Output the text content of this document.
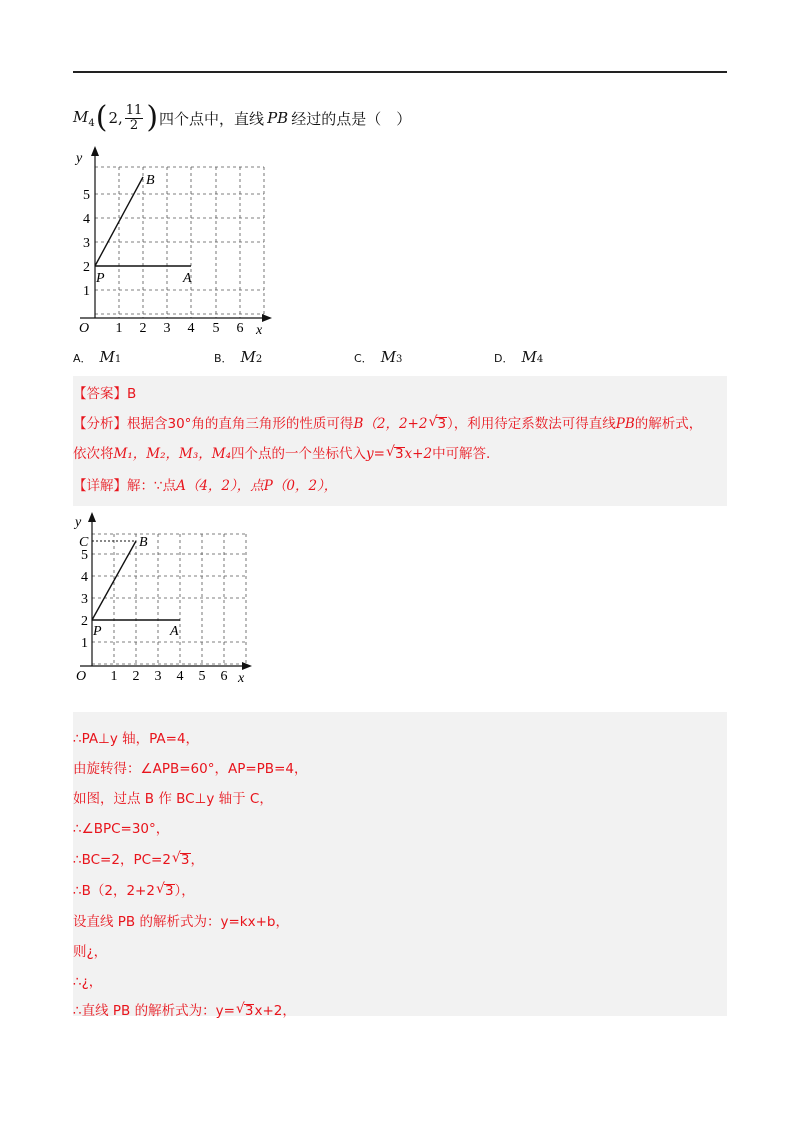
$M_4$ ( 2 , $\frac{11}{2}$ ) 四个点中，直线 PB 经过的点是（　）
y
x
O
P	A
B
1 2 3 4 5 6
1
2
3
4
5
A． M 1	B． M 2	C． M 3	D． M 4
【答案】B
【分析】根据含30°角的直角三角形的性质可得B（2，2+2 √ 3），利用待定系数法可得直线PB的解析式，
依次将M₁，M₂，M₃，M₄四个点的一个坐标代入y= √ 3x+2中可解答.
【详解】解：∵点A（4，2），点P（0，2），
y
x
O
P	A
B
C
1 2 3 4 5 6
1
2
3
4
5
∴PA⊥y 轴，PA=4，
由旋转得：∠APB=60°，AP=PB=4，
如图，过点 B 作 BC⊥y 轴于 C，
∴∠BPC=30°，
∴BC=2，PC=2 √ 3，
∴B（2，2+2 √ 3），
设直线 PB 的解析式为：y=kx+b，
则¿，
∴¿，
∴直线 PB 的解析式为：y= √ 3x+2，
